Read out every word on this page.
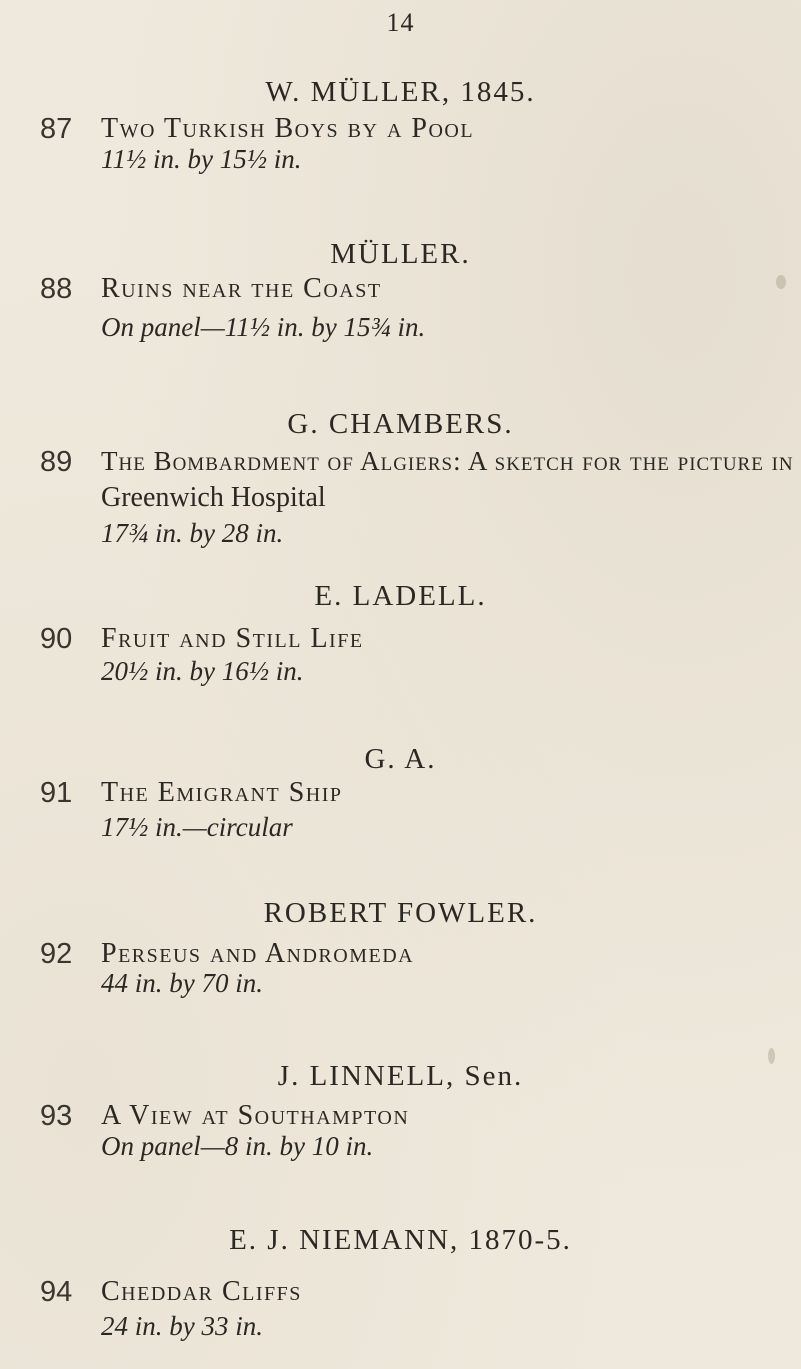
14
W. MÜLLER, 1845.
87 Two Turkish Boys by a Pool
11½ in. by 15½ in.
MÜLLER.
88 Ruins near the Coast
On panel—11½ in. by 15¾ in.
G. CHAMBERS.
89 The Bombardment of Algiers: A sketch for the picture in
Greenwich Hospital
17¾ in. by 28 in.
E. LADELL.
90 Fruit and Still Life
20½ in. by 16½ in.
G. A.
91 The Emigrant Ship
17½ in.—circular
ROBERT FOWLER.
92 Perseus and Andromeda
44 in. by 70 in.
J. LINNELL, Sen.
93 A View at Southampton
On panel—8 in. by 10 in.
E. J. NIEMANN, 1870-5.
94 Cheddar Cliffs
24 in. by 33 in.
